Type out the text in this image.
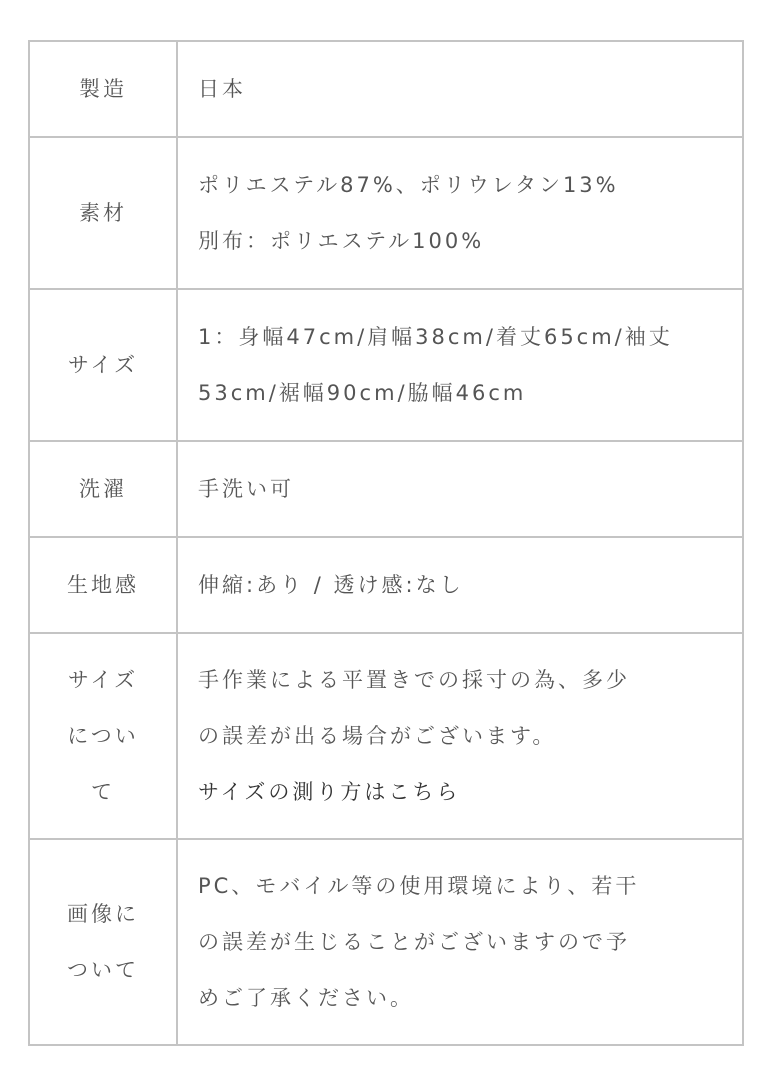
製造	日本

素材	ポリエステル87%、ポリウレタン13%
別布：ポリエステル100%

サイズ	1：身幅47cm/肩幅38cm/着丈65cm/袖丈
53cm/裾幅90cm/脇幅46cm

洗濯	手洗い可

生地感	伸縮:あり / 透け感:なし

サイズ
につい
て	手作業による平置きでの採寸の為、多少
の誤差が出る場合がございます。
サイズの測り方はこちら

画像に
ついて	PC、モバイル等の使用環境により、若干
の誤差が生じることがございますので予
めご了承ください。
